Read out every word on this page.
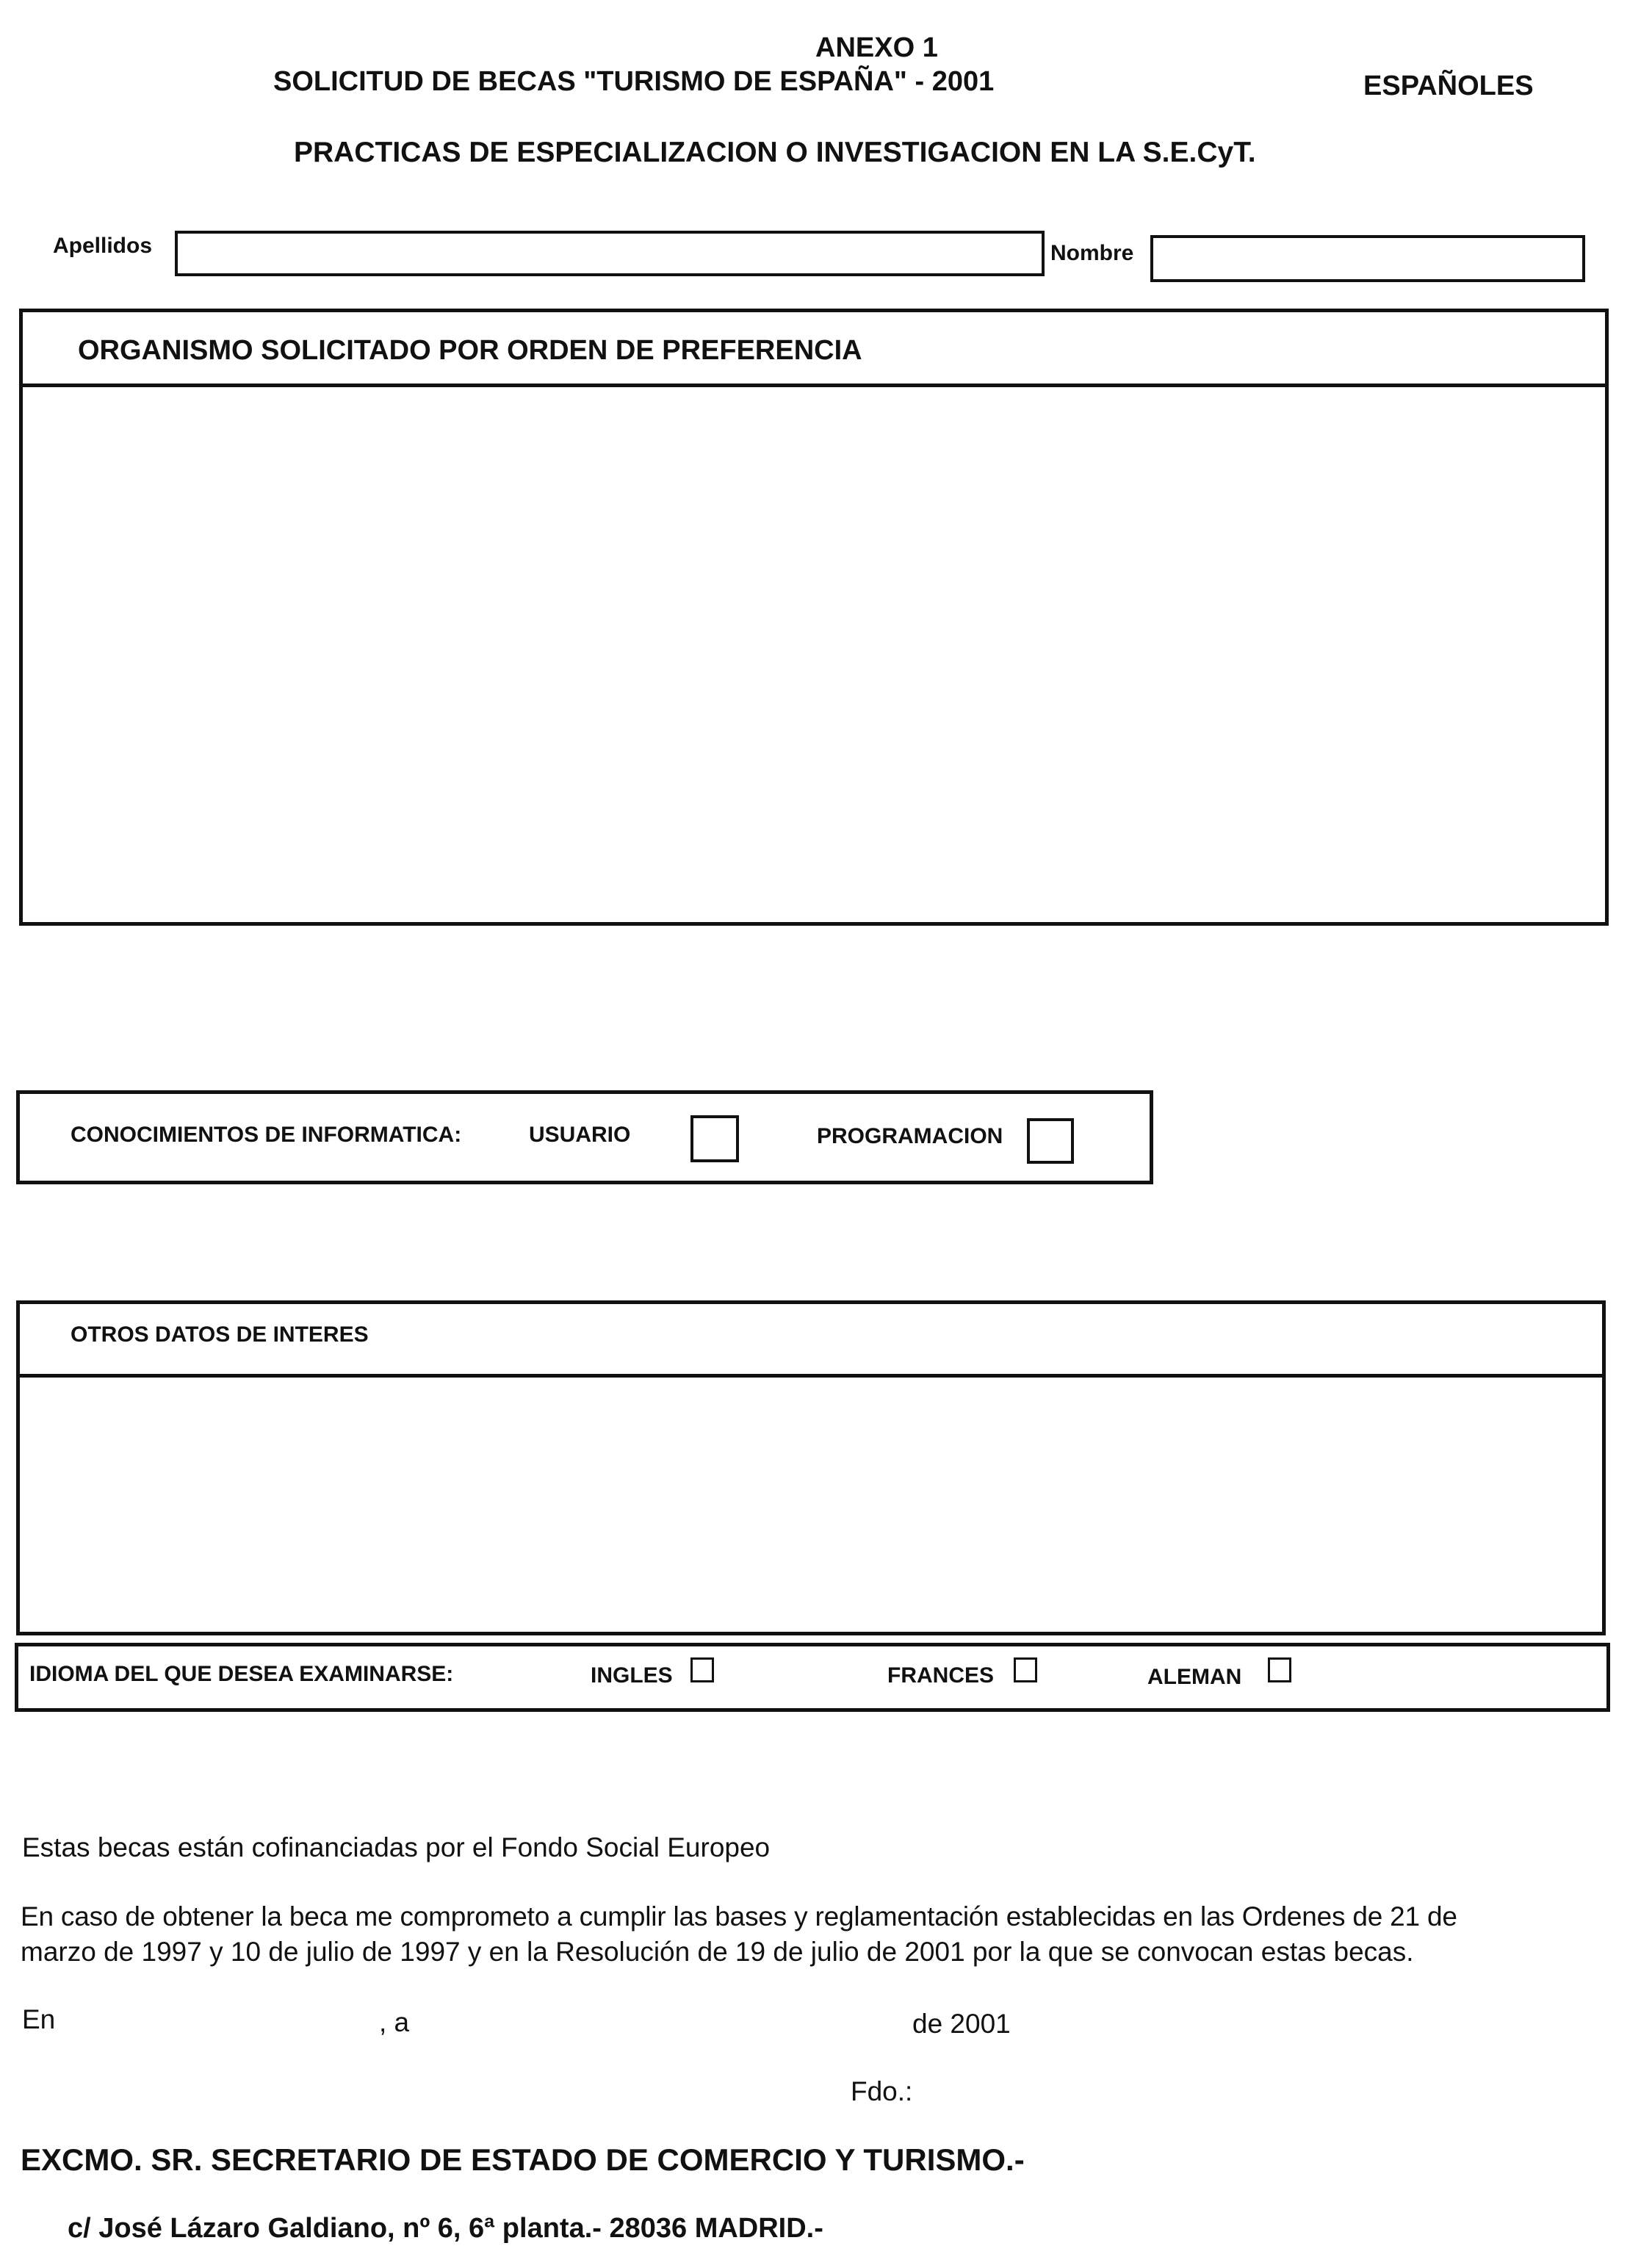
ANEXO 1
SOLICITUD DE BECAS "TURISMO DE ESPAÑA" - 2001	ESPAÑOLES
PRACTICAS DE ESPECIALIZACION O INVESTIGACION EN LA S.E.CyT.
Apellidos	Nombre
ORGANISMO SOLICITADO POR ORDEN DE PREFERENCIA
CONOCIMIENTOS DE INFORMATICA:	USUARIO	PROGRAMACION
OTROS DATOS DE INTERES
IDIOMA DEL QUE DESEA EXAMINARSE:	INGLES	FRANCES	ALEMAN
Estas becas están cofinanciadas por el Fondo Social Europeo
En caso de obtener la beca me comprometo a cumplir las bases y reglamentación establecidas en las Ordenes de 21 de
marzo de 1997 y 10 de julio de 1997 y en la Resolución de 19 de julio de 2001 por la que se convocan estas becas.
En	, a	de 2001
Fdo.:
EXCMO. SR. SECRETARIO DE ESTADO DE COMERCIO Y TURISMO.-
c/ José Lázaro Galdiano, nº 6, 6ª planta.- 28036 MADRID.-
